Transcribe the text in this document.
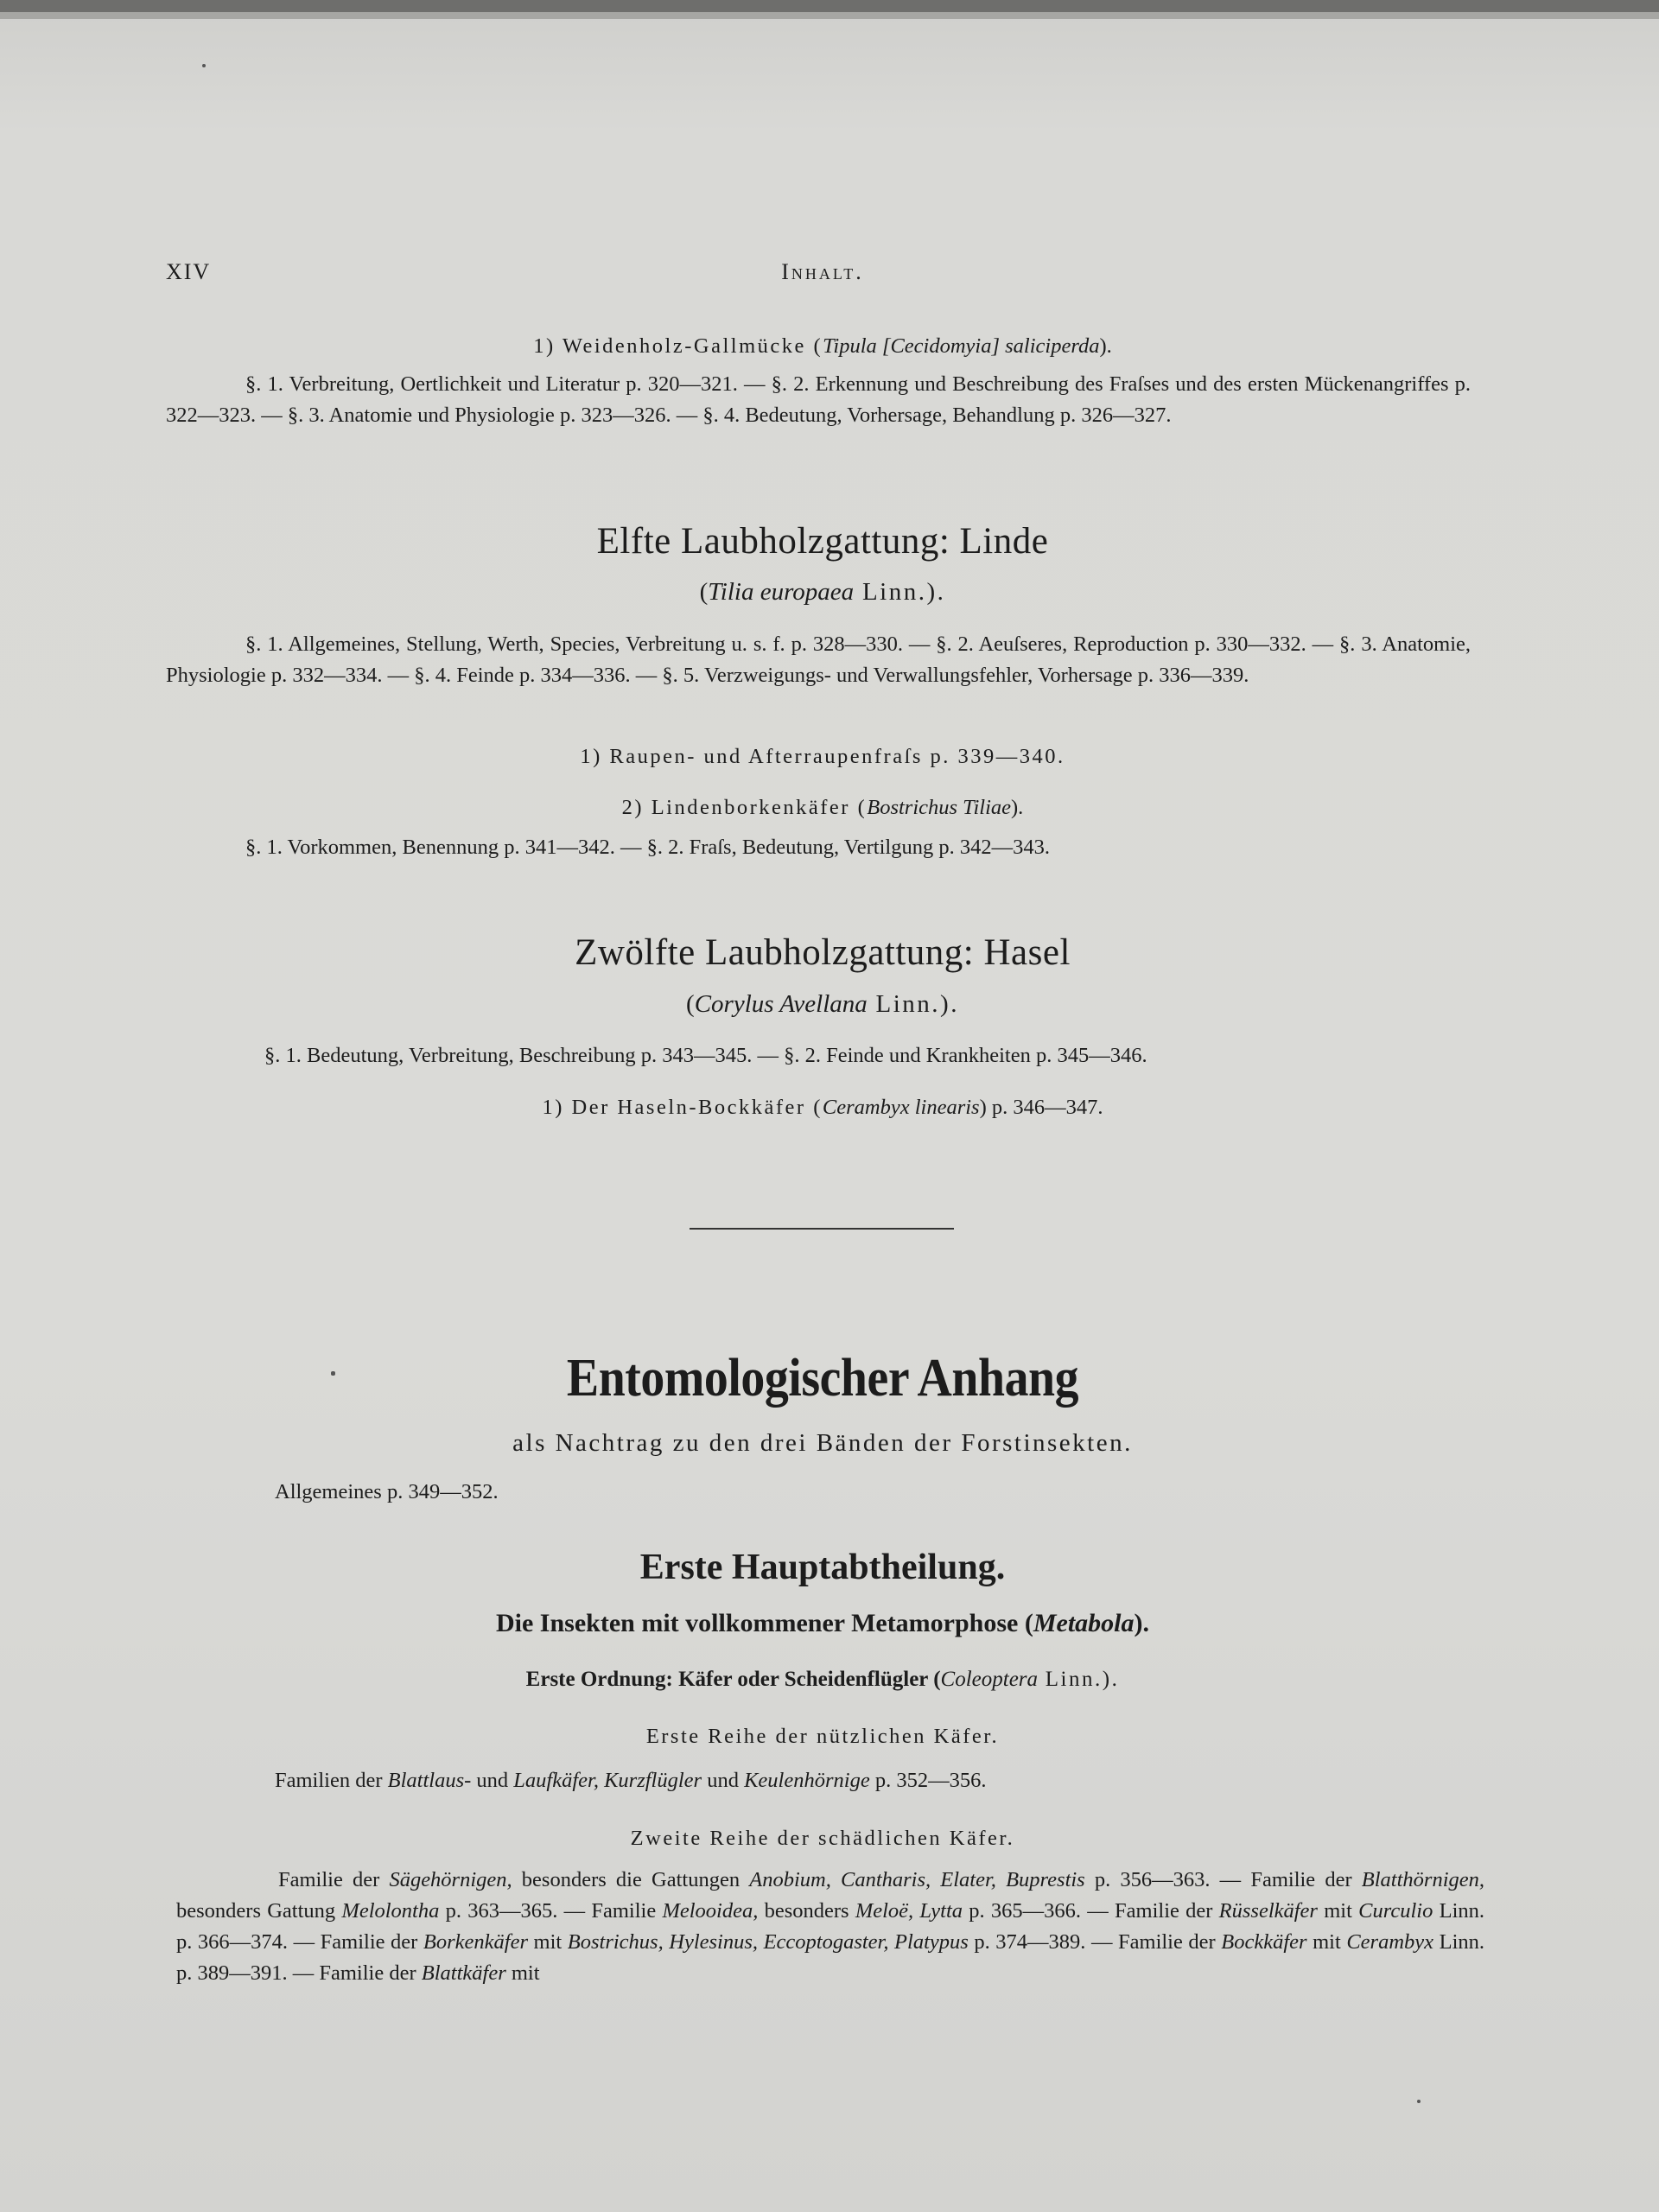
XIV	Inhalt.
1) Weidenholz-Gallmücke (Tipula [Cecidomyia] saliciperda).
§. 1. Verbreitung, Oertlichkeit und Literatur p. 320—321. — §. 2. Erkennung und Beschreibung des Fraſses und des ersten Mückenangriffes p. 322—323. — §. 3. Anatomie und Physiologie p. 323—326. — §. 4. Bedeutung, Vorhersage, Behandlung p. 326—327.
Elfte Laubholzgattung: Linde
(Tilia europaea Linn.).
§. 1. Allgemeines, Stellung, Werth, Species, Verbreitung u. s. f. p. 328—330. — §. 2. Aeuſseres, Reproduction p. 330—332. — §. 3. Anatomie, Physiologie p. 332—334. — §. 4. Feinde p. 334—336. — §. 5. Verzweigungs- und Verwallungsfehler, Vorhersage p. 336—339.
1) Raupen- und Afterraupenfraſs p. 339—340.
2) Lindenborkenkäfer (Bostrichus Tiliae).
§. 1. Vorkommen, Benennung p. 341—342. — §. 2. Fraſs, Bedeutung, Vertilgung p. 342—343.
Zwölfte Laubholzgattung: Hasel
(Corylus Avellana Linn.).
§. 1. Bedeutung, Verbreitung, Beschreibung p. 343—345. — §. 2. Feinde und Krankheiten p. 345—346.
1) Der Haseln-Bockkäfer (Cerambyx linearis) p. 346—347.
Entomologischer Anhang
als Nachtrag zu den drei Bänden der Forstinsekten.
Allgemeines p. 349—352.
Erste Hauptabtheilung.
Die Insekten mit vollkommener Metamorphose (Metabola).
Erste Ordnung: Käfer oder Scheidenflügler (Coleoptera Linn.).
Erste Reihe der nützlichen Käfer.
Familien der Blattlaus- und Laufkäfer, Kurzflügler und Keulenhörnige p. 352—356.
Zweite Reihe der schädlichen Käfer.
Familie der Sägehörnigen, besonders die Gattungen Anobium, Cantharis, Elater, Buprestis p. 356—363. — Familie der Blatthörnigen, besonders Gattung Melolontha p. 363—365. — Familie Melooidea, besonders Meloë, Lytta p. 365—366. — Familie der Rüsselkäfer mit Curculio Linn. p. 366—374. — Familie der Borkenkäfer mit Bostrichus, Hylesinus, Eccoptogaster, Platypus p. 374—389. — Familie der Bockkäfer mit Cerambyx Linn. p. 389—391. — Familie der Blattkäfer mit
